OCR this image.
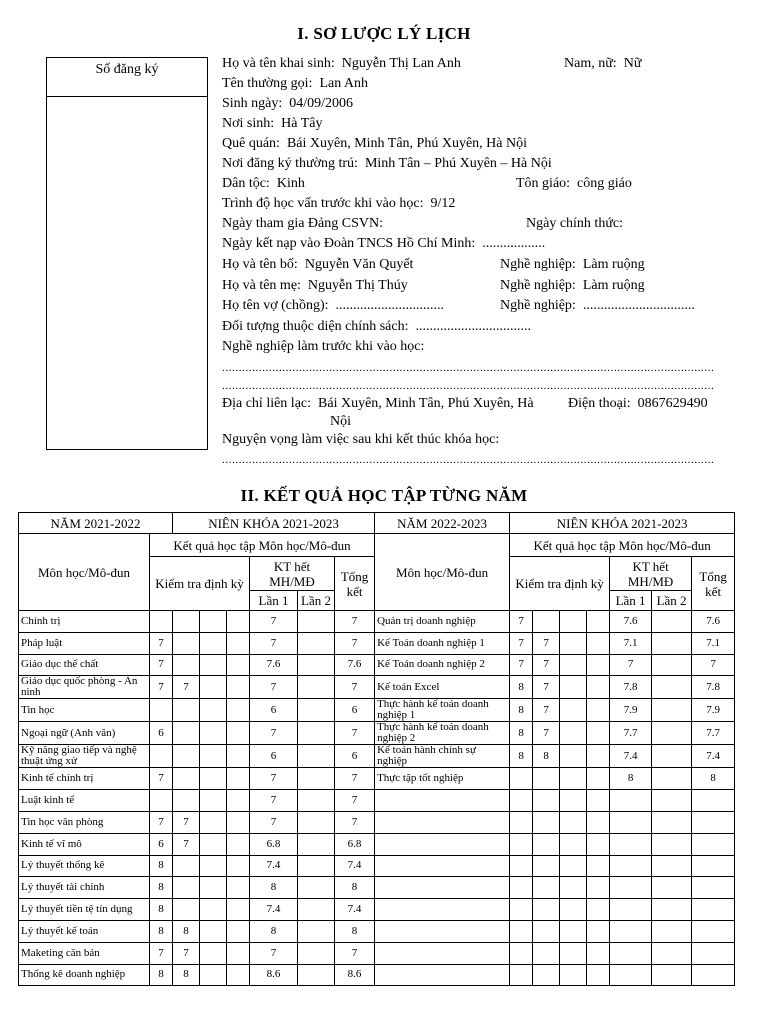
I. SƠ LƯỢC LÝ LỊCH
Số đăng ký	Họ và tên khai sinh: Nguyễn Thị Lan Anh	Nam, nữ: Nữ
Tên thường gọi: Lan Anh
Sinh ngày: 04/09/2006
Nơi sinh: Hà Tây
Quê quán: Bái Xuyên, Minh Tân, Phú Xuyên, Hà Nội
Nơi đăng ký thường trú: Minh Tân – Phú Xuyên – Hà Nội
Dân tộc: Kinh	Tôn giáo: công giáo
Trình độ học vấn trước khi vào học: 9/12
Ngày tham gia Đảng CSVN:	Ngày chính thức:
Ngày kết nạp vào Đoàn TNCS Hồ Chí Minh: ..................
Họ và tên bố: Nguyễn Văn Quyết	Nghề nghiệp: Làm ruộng
Họ và tên mẹ: Nguyễn Thị Thúy	Nghề nghiệp: Làm ruộng
Họ tên vợ (chồng): ...............................	Nghề nghiệp: ................................
Đối tượng thuộc diện chính sách: .................................
Nghề nghiệp làm trước khi vào học:
...................................................................................................................................................
...................................................................................................................................................
Địa chỉ liên lạc: Bái Xuyên, Minh Tân, Phú Xuyên, Hà
Nội
Điện thoại: 0867629490
Nguyện vọng làm việc sau khi kết thúc khóa học:
...................................................................................................................................................
II. KẾT QUẢ HỌC TẬP TỪNG NĂM
NĂM 2021-2022		NIÊN KHÓA 2021-2023						NĂM 2022-2023	NIÊN KHÓA 2021-2023						
Môn học/Mô-đun	Kết quả học tập Môn học/Mô-đun							Môn học/Mô-đun	Kết quả học tập Môn học/Mô-đun						
	Kiểm tra định kỳ				KT hết MH/MĐ		Tổng kết		Kiểm tra định kỳ				KT hết MH/MĐ		Tổng kết
					Lần 1	Lần 2							Lần 1	Lần 2	
Chính trị					7		7	Quản trị doanh nghiệp	7				7.6		7.6
Pháp luật	7				7		7	Kế Toán doanh nghiệp 1	7	7			7.1		7.1
Giáo dục thể chất	7				7.6		7.6	Kế Toán doanh nghiệp 2	7	7			7		7
Giáo dục quốc phòng - An ninh	7	7			7		7	Kế toán Excel	8	7			7.8		7.8
Tin học					6		6	Thực hành kế toán doanh nghiệp 1	8	7			7.9		7.9
Ngoại ngữ (Anh văn)	6				7		7	Thực hành kế toán doanh nghiệp 2	8	7			7.7		7.7
Kỹ năng giao tiếp và nghệ thuật ứng xử					6		6	Kế toán hành chính sự nghiệp	8	8			7.4		7.4
Kinh tế chính trị	7				7		7	Thực tập tốt nghiệp					8		8
Luật kinh tế					7		7								
Tin học văn phòng	7	7			7		7								
Kinh tế vĩ mô	6	7			6.8		6.8								
Lý thuyết thống kê	8				7.4		7.4								
Lý thuyết tài chính	8				8		8								
Lý thuyết tiền tệ tín dụng	8				7.4		7.4								
Lý thuyết kế toán	8	8			8		8								
Maketing căn bản	7	7			7		7								
Thống kê doanh nghiệp	8	8			8.6		8.6								
